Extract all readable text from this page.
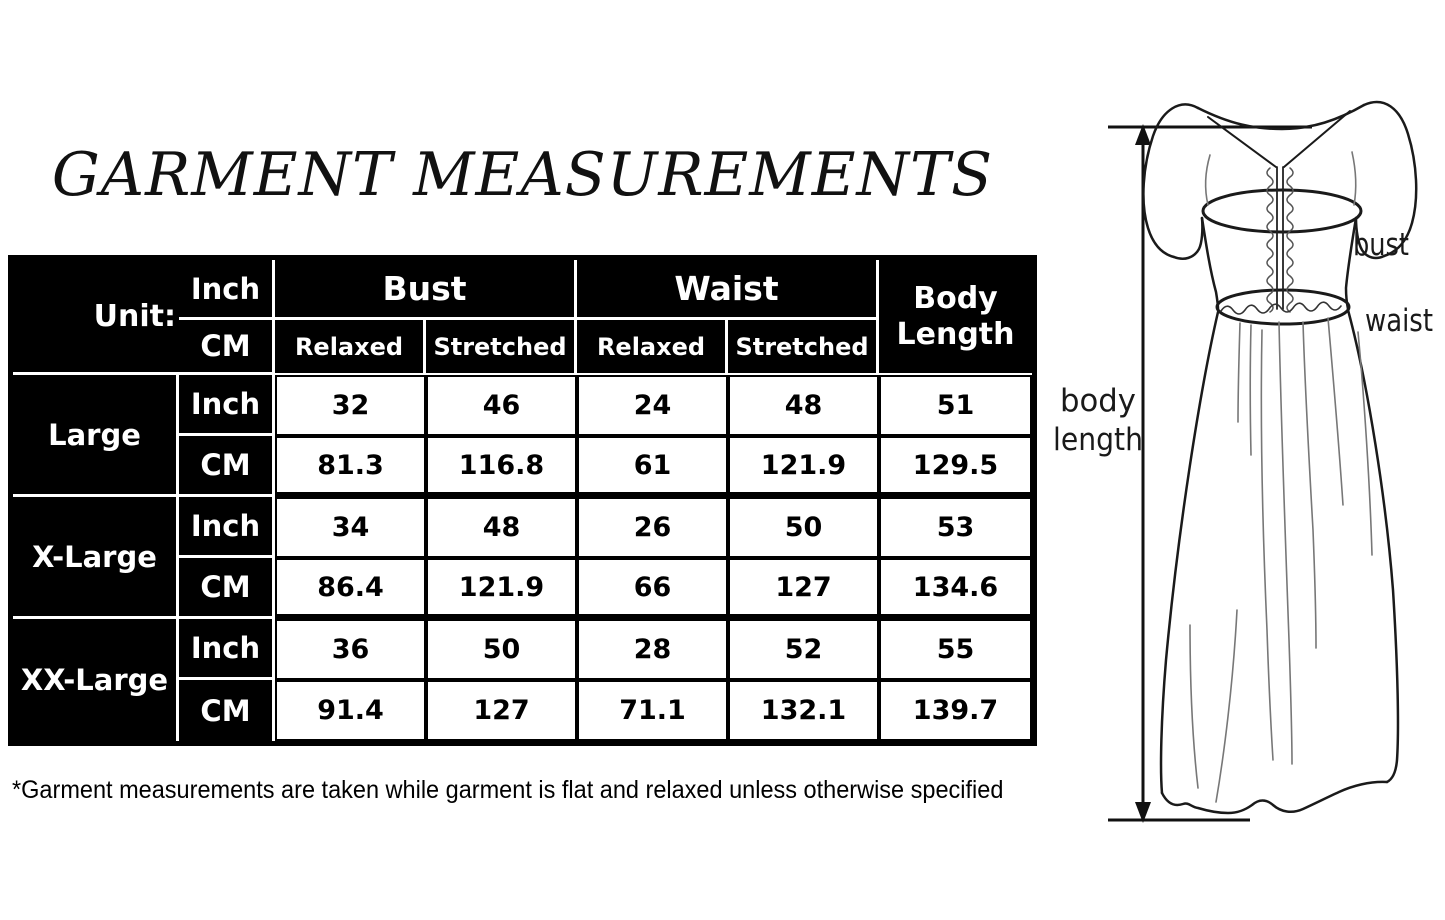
GARMENT MEASUREMENTS
Unit:	Inch	Bust		Waist		Body Length
	CM	Relaxed	Stretched	Relaxed	Stretched	
Large	Inch	32	46	24	48	51
	CM	81.3	116.8	61	121.9	129.5
X-Large	Inch	34	48	26	50	53
	CM	86.4	121.9	66	127	134.6
XX-Large	Inch	36	50	28	52	55
	CM	91.4	127	71.1	132.1	139.7
*Garment measurements are taken while garment is flat and relaxed unless otherwise specified
bust
waist
body
length
